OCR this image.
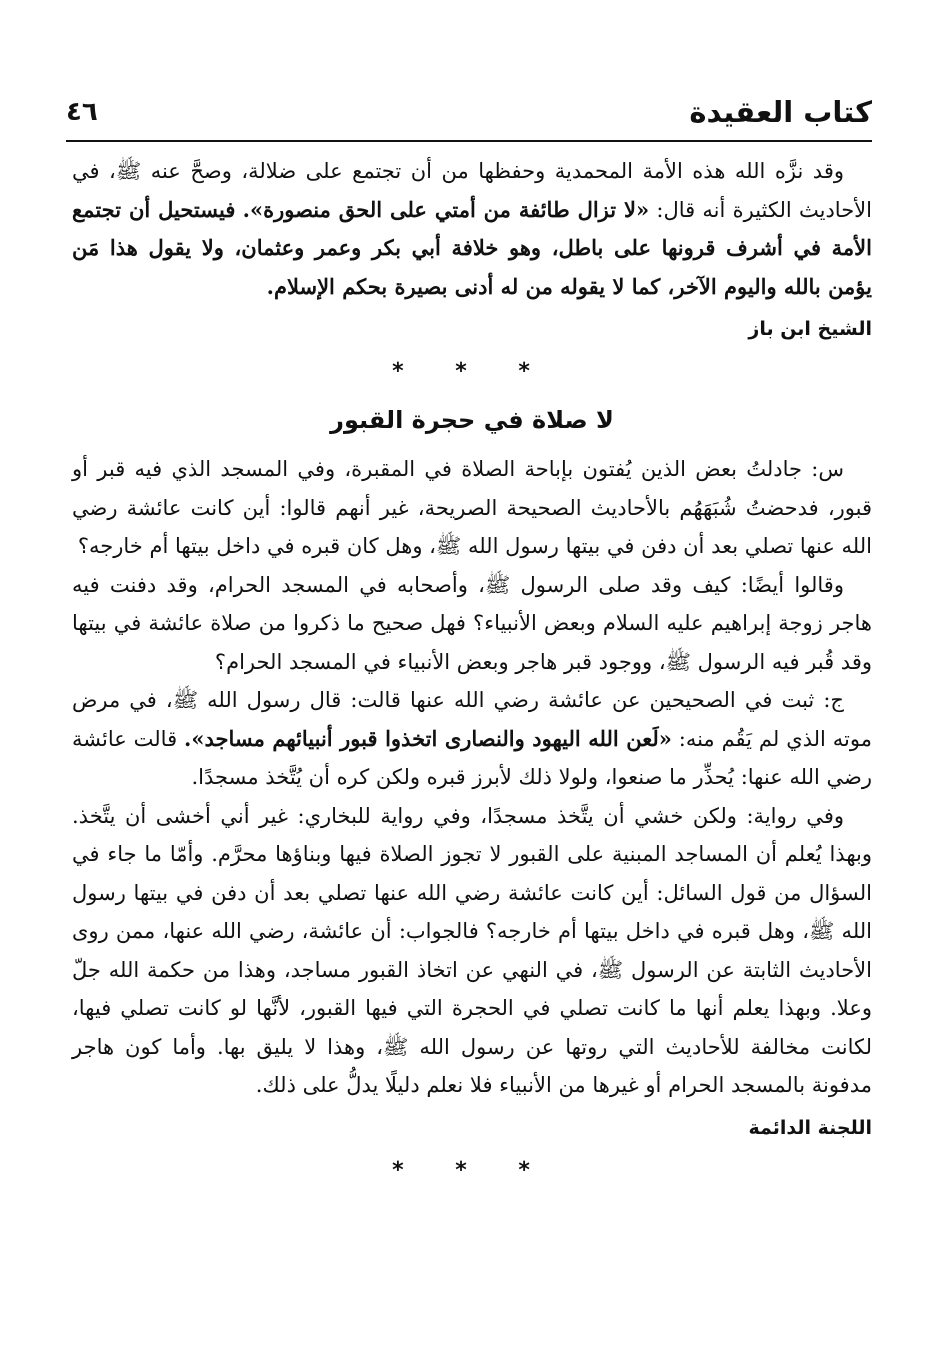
كتاب العقيدة
٤٦

وقد نزَّه الله هذه الأمة المحمدية وحفظها من أن تجتمع على ضلالة، وصحَّ عنه ﷺ، في الأحاديث الكثيرة أنه قال: «لا تزال طائفة من أمتي على الحق منصورة». فيستحيل أن تجتمع الأمة في أشرف قرونها على باطل، وهو خلافة أبي بكر وعمر وعثمان، ولا يقول هذا مَن يؤمن بالله واليوم الآخر، كما لا يقوله من له أدنى بصيرة بحكم الإسلام.

الشيخ ابن باز
* * *
لا صلاة في حجرة القبور

س: جادلتُ بعض الذين يُفتون بإباحة الصلاة في المقبرة، وفي المسجد الذي فيه قبر أو قبور، فدحضتُ شُبَهَهُم بالأحاديث الصحيحة الصريحة، غير أنهم قالوا: أين كانت عائشة رضي الله عنها تصلي بعد أن دفن في بيتها رسول الله ﷺ، وهل كان قبره في داخل بيتها أم خارجه؟

وقالوا أيضًا: كيف وقد صلى الرسول ﷺ، وأصحابه في المسجد الحرام، وقد دفنت فيه هاجر زوجة إبراهيم عليه السلام وبعض الأنبياء؟ فهل صحيح ما ذكروا من صلاة عائشة في بيتها وقد قُبر فيه الرسول ﷺ، ووجود قبر هاجر وبعض الأنبياء في المسجد الحرام؟

ج: ثبت في الصحيحين عن عائشة رضي الله عنها قالت: قال رسول الله ﷺ، في مرض موته الذي لم يَقُم منه: «لَعن الله اليهود والنصارى اتخذوا قبور أنبيائهم مساجد». قالت عائشة رضي الله عنها: يُحذِّر ما صنعوا، ولولا ذلك لأبرز قبره ولكن كره أن يُتَّخذ مسجدًا.

وفي رواية: ولكن خشي أن يتَّخذ مسجدًا، وفي رواية للبخاري: غير أني أخشى أن يتَّخذ. وبهذا يُعلم أن المساجد المبنية على القبور لا تجوز الصلاة فيها وبناؤها محرَّم. وأمّا ما جاء في السؤال من قول السائل: أين كانت عائشة رضي الله عنها تصلي بعد أن دفن في بيتها رسول الله ﷺ، وهل قبره في داخل بيتها أم خارجه؟ فالجواب: أن عائشة، رضي الله عنها، ممن روى الأحاديث الثابتة عن الرسول ﷺ، في النهي عن اتخاذ القبور مساجد، وهذا من حكمة الله جلّ وعلا. وبهذا يعلم أنها ما كانت تصلي في الحجرة التي فيها القبور، لأنَّها لو كانت تصلي فيها، لكانت مخالفة للأحاديث التي روتها عن رسول الله ﷺ، وهذا لا يليق بها. وأما كون هاجر مدفونة بالمسجد الحرام أو غيرها من الأنبياء فلا نعلم دليلًا يدلُّ على ذلك.

اللجنة الدائمة
* * *
